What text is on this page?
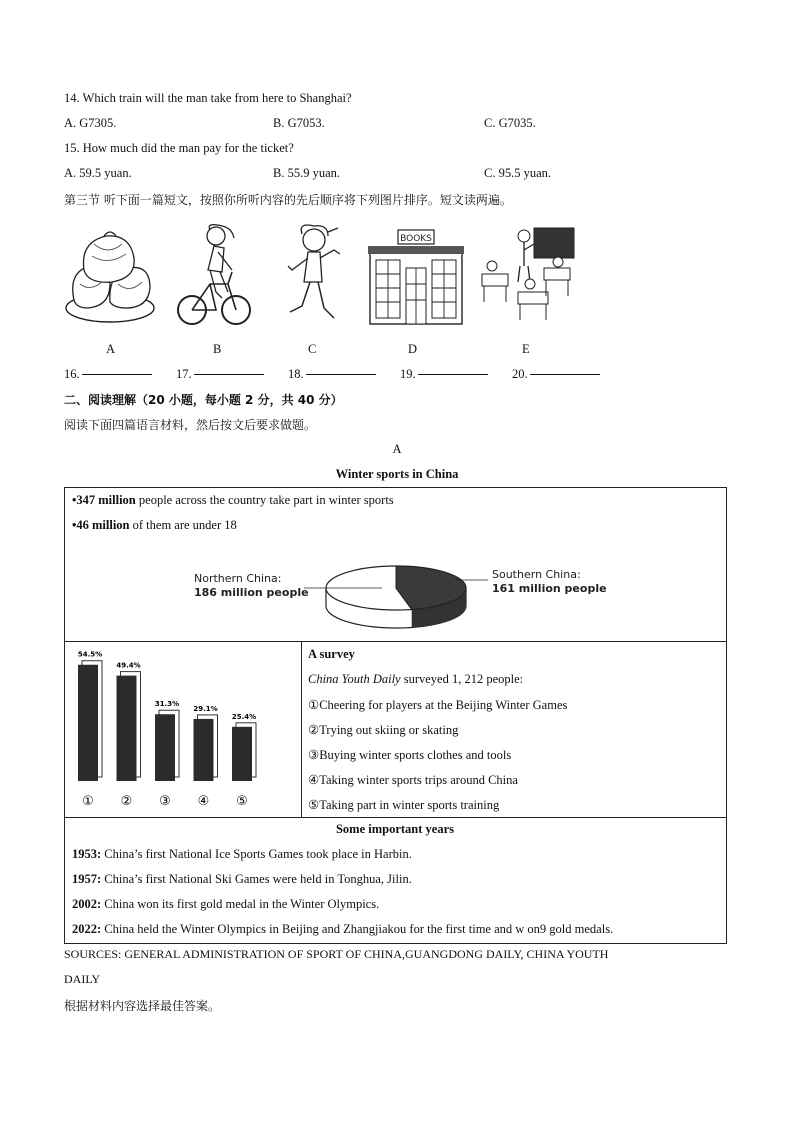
14. Which train will the man take from here to Shanghai?
A. G7305.	B. G7053.	C. G7035.
15. How much did the man pay for the ticket?
A. 59.5 yuan.	B. 55.9 yuan.	C. 95.5 yuan.
第三节 听下面一篇短文，按照你所听内容的先后顺序将下列图片排序。短文读两遍。
BOOKS
A	B	C	D	E
16.	17.	18.	19.	20.
二、阅读理解（20 小题，每小题 2 分，共 40 分）
阅读下面四篇语言材料，然后按文后要求做题。
A
Winter sports in China
•347 million people across the country take part in winter sports
•46 million of them are under 18
Northern China:
186 million people
Southern China:
161 million people
54.5%
①
49.4%
②
31.3%
③
29.1%
④
25.4%
⑤
A survey
China Youth Daily surveyed 1, 212 people:
①Cheering for players at the Beijing Winter Games
②Trying out skiing or skating
③Buying winter sports clothes and tools
④Taking winter sports trips around China
⑤Taking part in winter sports training
Some important years
1953: China’s first National Ice Sports Games took place in Harbin.
1957: China’s first National Ski Games were held in Tonghua, Jilin.
2002: China won its first gold medal in the Winter Olympics.
2022: China held the Winter Olympics in Beijing and Zhangjiakou for the first time and w on9 gold medals.
SOURCES: GENERAL ADMINISTRATION OF SPORT OF CHINA,GUANGDONG DAILY, CHINA YOUTH
DAILY
根据材料内容选择最佳答案。
